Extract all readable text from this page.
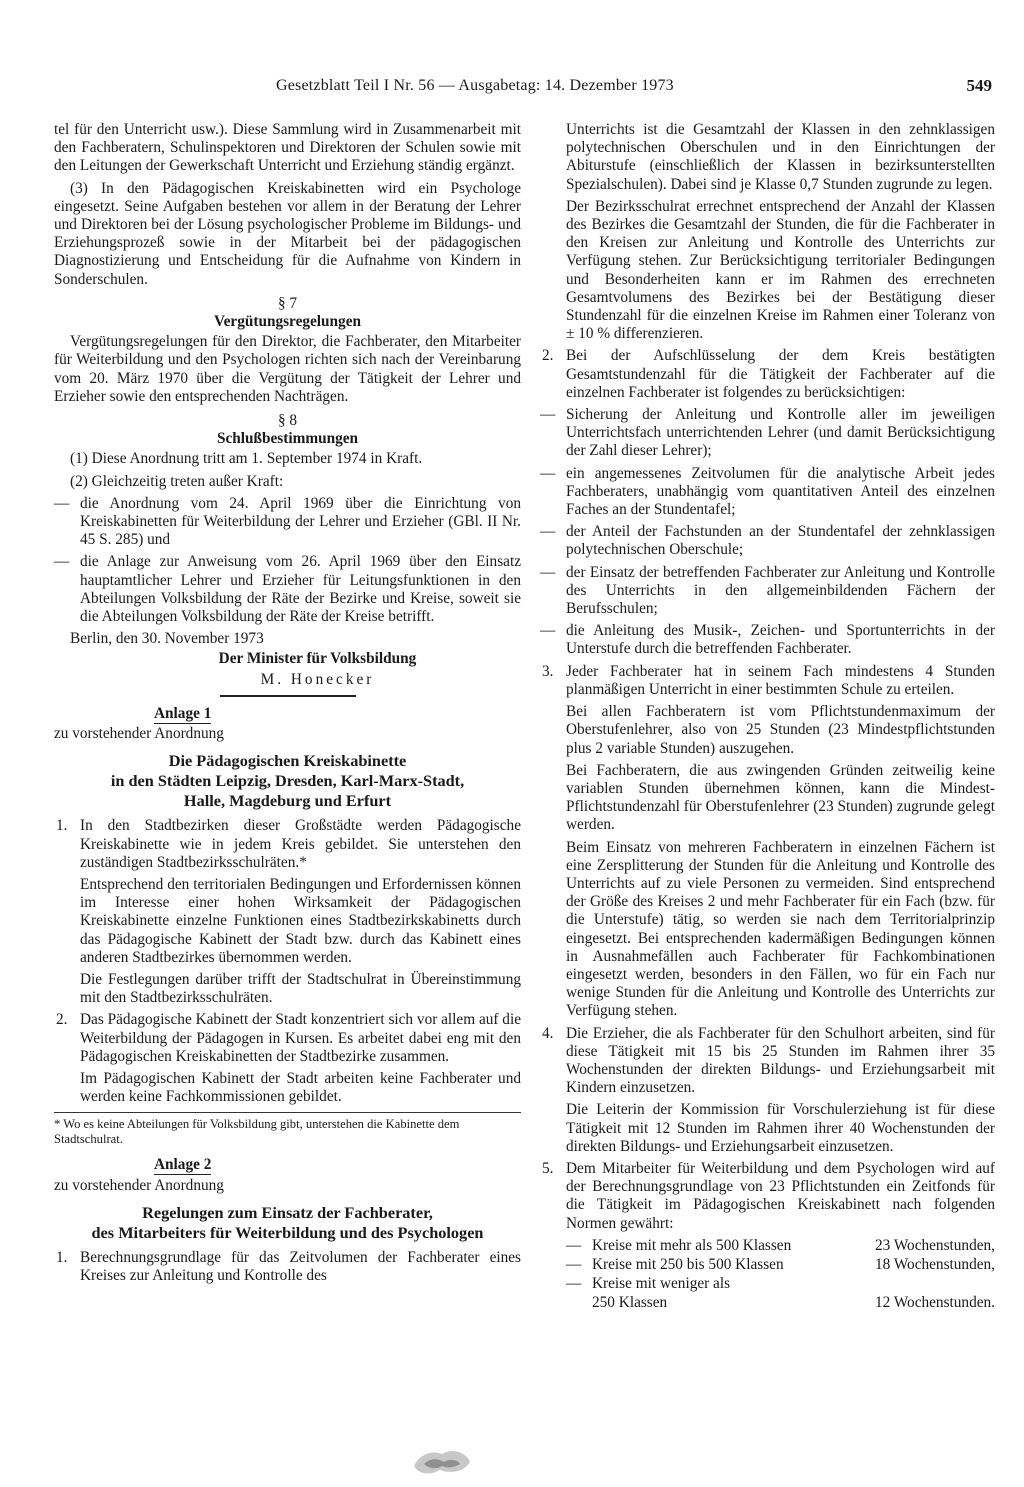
Gesetzblatt Teil I Nr. 56 — Ausgabetag: 14. Dezember 1973	549

tel für den Unterricht usw.). Diese Sammlung wird in Zusammenarbeit mit den Fachberatern, Schulinspektoren und Direktoren der Schulen sowie mit den Leitungen der Gewerkschaft Unterricht und Erziehung ständig ergänzt.

(3) In den Pädagogischen Kreiskabinetten wird ein Psychologe eingesetzt. Seine Aufgaben bestehen vor allem in der Beratung der Lehrer und Direktoren bei der Lösung psychologischer Probleme im Bildungs- und Erziehungsprozeß sowie in der Mitarbeit bei der pädagogischen Diagnostizierung und Entscheidung für die Aufnahme von Kindern in Sonderschulen.

§ 7
Vergütungsregelungen

Vergütungsregelungen für den Direktor, die Fachberater, den Mitarbeiter für Weiterbildung und den Psychologen richten sich nach der Vereinbarung vom 20. März 1970 über die Vergütung der Tätigkeit der Lehrer und Erzieher sowie den entsprechenden Nachträgen.

§ 8
Schlußbestimmungen

(1) Diese Anordnung tritt am 1. September 1974 in Kraft.

(2) Gleichzeitig treten außer Kraft:

— die Anordnung vom 24. April 1969 über die Einrichtung von Kreiskabinetten für Weiterbildung der Lehrer und Erzieher (GBl. II Nr. 45 S. 285) und
— die Anlage zur Anweisung vom 26. April 1969 über den Einsatz hauptamtlicher Lehrer und Erzieher für Leitungsfunktionen in den Abteilungen Volksbildung der Räte der Bezirke und Kreise, soweit sie die Abteilungen Volksbildung der Räte der Kreise betrifft.

Berlin, den 30. November 1973

Der Minister für Volksbildung
M. Honecker
Anlage 1
zu vorstehender Anordnung
Die Pädagogischen Kreiskabinette
in den Städten Leipzig, Dresden, Karl-Marx-Stadt,
Halle, Magdeburg und Erfurt
1. In den Stadtbezirken dieser Großstädte werden Pädagogische Kreiskabinette wie in jedem Kreis gebildet. Sie unterstehen den zuständigen Stadtbezirksschulräten.*

Entsprechend den territorialen Bedingungen und Erfordernissen können im Interesse einer hohen Wirksamkeit der Pädagogischen Kreiskabinette einzelne Funktionen eines Stadtbezirkskabinetts durch das Pädagogische Kabinett der Stadt bzw. durch das Kabinett eines anderen Stadtbezirkes übernommen werden.

Die Festlegungen darüber trifft der Stadtschulrat in Übereinstimmung mit den Stadtbezirksschulräten.

2. Das Pädagogische Kabinett der Stadt konzentriert sich vor allem auf die Weiterbildung der Pädagogen in Kursen. Es arbeitet dabei eng mit den Pädagogischen Kreiskabinetten der Stadtbezirke zusammen.

Im Pädagogischen Kabinett der Stadt arbeiten keine Fachberater und werden keine Fachkommissionen gebildet.

* Wo es keine Abteilungen für Volksbildung gibt, unterstehen die Kabinette dem Stadtschulrat.
Anlage 2
zu vorstehender Anordnung
Regelungen zum Einsatz der Fachberater,
des Mitarbeiters für Weiterbildung und des Psychologen
1. Berechnungsgrundlage für das Zeitvolumen der Fachberater eines Kreises zur Anleitung und Kontrolle des

Unterrichts ist die Gesamtzahl der Klassen in den zehnklassigen polytechnischen Oberschulen und in den Einrichtungen der Abiturstufe (einschließlich der Klassen in bezirksunterstellten Spezialschulen). Dabei sind je Klasse 0,7 Stunden zugrunde zu legen.

Der Bezirksschulrat errechnet entsprechend der Anzahl der Klassen des Bezirkes die Gesamtzahl der Stunden, die für die Fachberater in den Kreisen zur Anleitung und Kontrolle des Unterrichts zur Verfügung stehen. Zur Berücksichtigung territorialer Bedingungen und Besonderheiten kann er im Rahmen des errechneten Gesamtvolumens des Bezirkes bei der Bestätigung dieser Stundenzahl für die einzelnen Kreise im Rahmen einer Toleranz von ± 10 % differenzieren.

2. Bei der Aufschlüsselung der dem Kreis bestätigten Gesamtstundenzahl für die Tätigkeit der Fachberater auf die einzelnen Fachberater ist folgendes zu berücksichtigen:

— Sicherung der Anleitung und Kontrolle aller im jeweiligen Unterrichtsfach unterrichtenden Lehrer (und damit Berücksichtigung der Zahl dieser Lehrer);
— ein angemessenes Zeitvolumen für die analytische Arbeit jedes Fachberaters, unabhängig vom quantitativen Anteil des einzelnen Faches an der Stundentafel;
— der Anteil der Fachstunden an der Stundentafel der zehnklassigen polytechnischen Oberschule;
— der Einsatz der betreffenden Fachberater zur Anleitung und Kontrolle des Unterrichts in den allgemeinbildenden Fächern der Berufsschulen;
— die Anleitung des Musik-, Zeichen- und Sportunterrichts in der Unterstufe durch die betreffenden Fachberater.
3. Jeder Fachberater hat in seinem Fach mindestens 4 Stunden planmäßigen Unterricht in einer bestimmten Schule zu erteilen.

Bei allen Fachberatern ist vom Pflichtstundenmaximum der Oberstufenlehrer, also von 25 Stunden (23 Mindestpflichtstunden plus 2 variable Stunden) auszugehen.

Bei Fachberatern, die aus zwingenden Gründen zeitweilig keine variablen Stunden übernehmen können, kann die Mindest-Pflichtstundenzahl für Oberstufenlehrer (23 Stunden) zugrunde gelegt werden.

Beim Einsatz von mehreren Fachberatern in einzelnen Fächern ist eine Zersplitterung der Stunden für die Anleitung und Kontrolle des Unterrichts auf zu viele Personen zu vermeiden. Sind entsprechend der Größe des Kreises 2 und mehr Fachberater für ein Fach (bzw. für die Unterstufe) tätig, so werden sie nach dem Territorialprinzip eingesetzt. Bei entsprechenden kadermäßigen Bedingungen können in Ausnahmefällen auch Fachberater für Fachkombinationen eingesetzt werden, besonders in den Fällen, wo für ein Fach nur wenige Stunden für die Anleitung und Kontrolle des Unterrichts zur Verfügung stehen.

4. Die Erzieher, die als Fachberater für den Schulhort arbeiten, sind für diese Tätigkeit mit 15 bis 25 Stunden im Rahmen ihrer 35 Wochenstunden der direkten Bildungs- und Erziehungsarbeit mit Kindern einzusetzen.

Die Leiterin der Kommission für Vorschulerziehung ist für diese Tätigkeit mit 12 Stunden im Rahmen ihrer 40 Wochenstunden der direkten Bildungs- und Erziehungsarbeit einzusetzen.

5. Dem Mitarbeiter für Weiterbildung und dem Psychologen wird auf der Berechnungsgrundlage von 23 Pflichtstunden ein Zeitfonds für die Tätigkeit im Pädagogischen Kreiskabinett nach folgenden Normen gewährt:

— Kreise mit mehr als 500 Klassen	23 Wochenstunden,
— Kreise mit 250 bis 500 Klassen	18 Wochenstunden,
— Kreise mit weniger als
250 Klassen	12 Wochenstunden.
